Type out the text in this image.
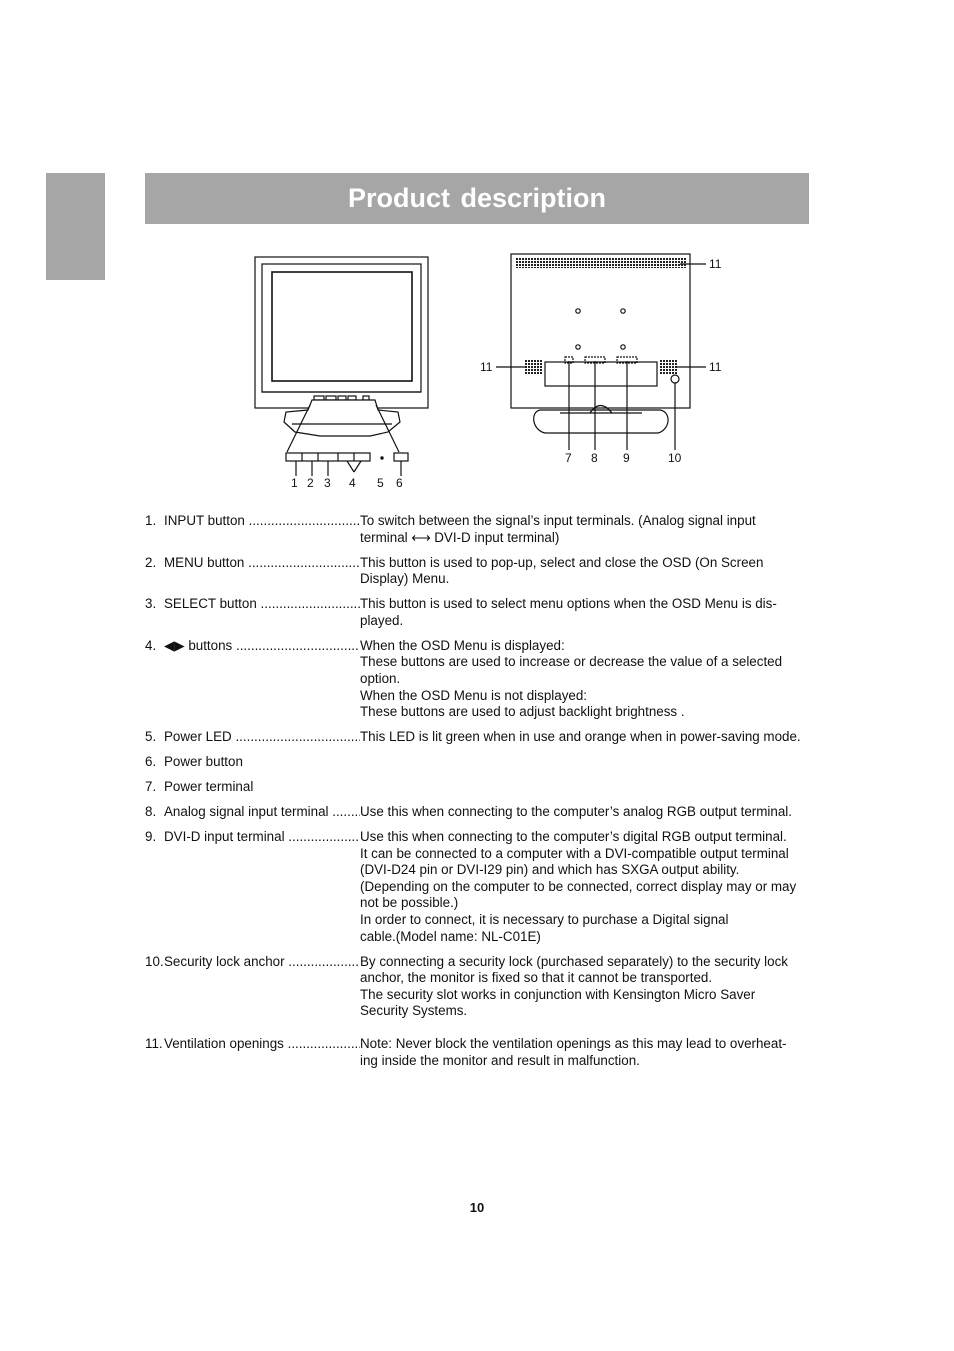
Product description
1 2 3 4 5 6
11
11	11
7 8 9	10
1. INPUT button .....	To switch between the signal’s input terminals. (Analog signal input
terminal ⟷ DVI-D input terminal)
2. MENU button .....	This button is used to pop-up, select and close the OSD (On Screen
Display) Menu.
3. SELECT button .....	This button is used to select menu options when the OSD Menu is dis-
played.
4. ◀▶ buttons .....	When the OSD Menu is displayed:
These buttons are used to increase or decrease the value of a selected
option.
When the OSD Menu is not displayed:
These buttons are used to adjust backlight brightness .
5. Power LED .....	This LED is lit green when in use and orange when in power-saving mode.
6. Power button
7. Power terminal
8. Analog signal input terminal .....	Use this when connecting to the computer’s analog RGB output terminal.
9. DVI-D input terminal .....	Use this when connecting to the computer’s digital RGB output terminal.
It can be connected to a computer with a DVI-compatible output terminal
(DVI-D24 pin or DVI-I29 pin) and which has SXGA output ability.
(Depending on the computer to be connected, correct display may or may
not be possible.)
In order to connect, it is necessary to purchase a Digital signal
cable.(Model name: NL-C01E)
10. Security lock anchor .....	By connecting a security lock (purchased separately) to the security lock
anchor, the monitor is fixed so that it cannot be transported.
The security slot works in conjunction with Kensington Micro Saver
Security Systems.
11. Ventilation openings .....	Note: Never block the ventilation openings as this may lead to overheat-
ing inside the monitor and result in malfunction.
10
